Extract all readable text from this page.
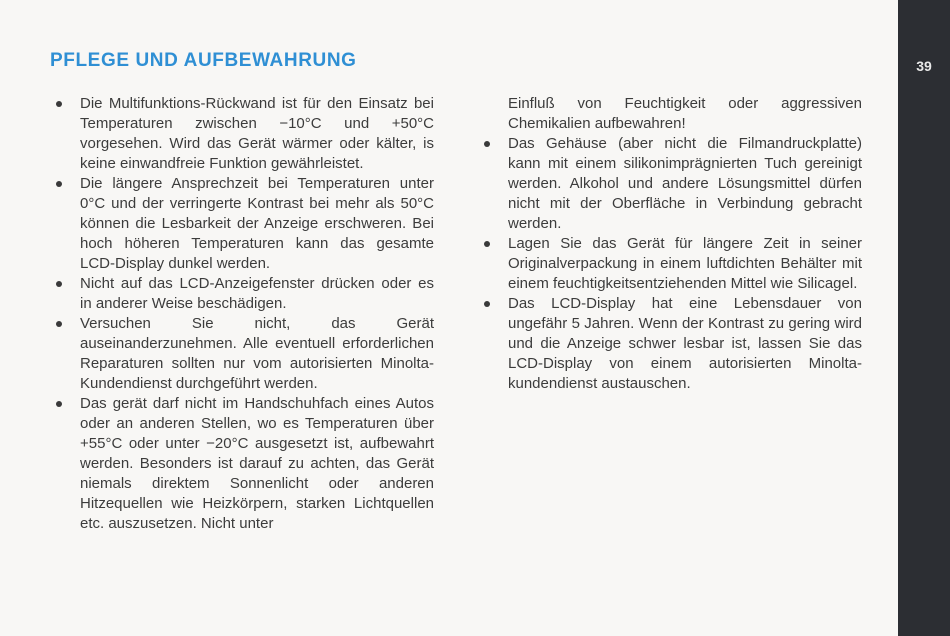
PFLEGE UND AUFBEWAHRUNG
Die Multifunktions-Rückwand ist für den Einsatz bei Temperaturen zwischen −10°C und +50°C vorgesehen. Wird das Gerät wärmer oder kälter, is keine einwandfreie Funktion gewährleistet.
Die längere Ansprechzeit bei Temperaturen unter 0°C und der verringerte Kontrast bei mehr als 50°C können die Lesbarkeit der Anzeige erschweren. Bei hoch höheren Temperaturen kann das gesamte LCD-Display dunkel werden.
Nicht auf das LCD-Anzeigefenster drücken oder es in anderer Weise beschädigen.
Versuchen Sie nicht, das Gerät auseinanderzunehmen. Alle eventuell erforderlichen Reparaturen sollten nur vom autorisierten Minolta-Kundendienst durchgeführt werden.
Das gerät darf nicht im Handschuhfach eines Autos oder an anderen Stellen, wo es Temperaturen über +55°C oder unter −20°C ausgesetzt ist, aufbewahrt werden. Besonders ist darauf zu achten, das Gerät niemals direktem Sonnenlicht oder anderen Hitzequellen wie Heizkörpern, starken Lichtquellen etc. auszusetzen. Nicht unter
Einfluß von Feuchtigkeit oder aggressiven Chemikalien aufbewahren!
Das Gehäuse (aber nicht die Filmandruckplatte) kann mit einem silikonimprägnierten Tuch gereinigt werden. Alkohol und andere Lösungsmittel dürfen nicht mit der Oberfläche in Verbindung gebracht werden.
Lagen Sie das Gerät für längere Zeit in seiner Originalverpackung in einem luftdichten Behälter mit einem feuchtigkeitsentziehenden Mittel wie Silicagel.
Das LCD-Display hat eine Lebensdauer von ungefähr 5 Jahren. Wenn der Kontrast zu gering wird und die Anzeige schwer lesbar ist, lassen Sie das LCD-Display von einem autorisierten Minolta-kundendienst austauschen.
39
